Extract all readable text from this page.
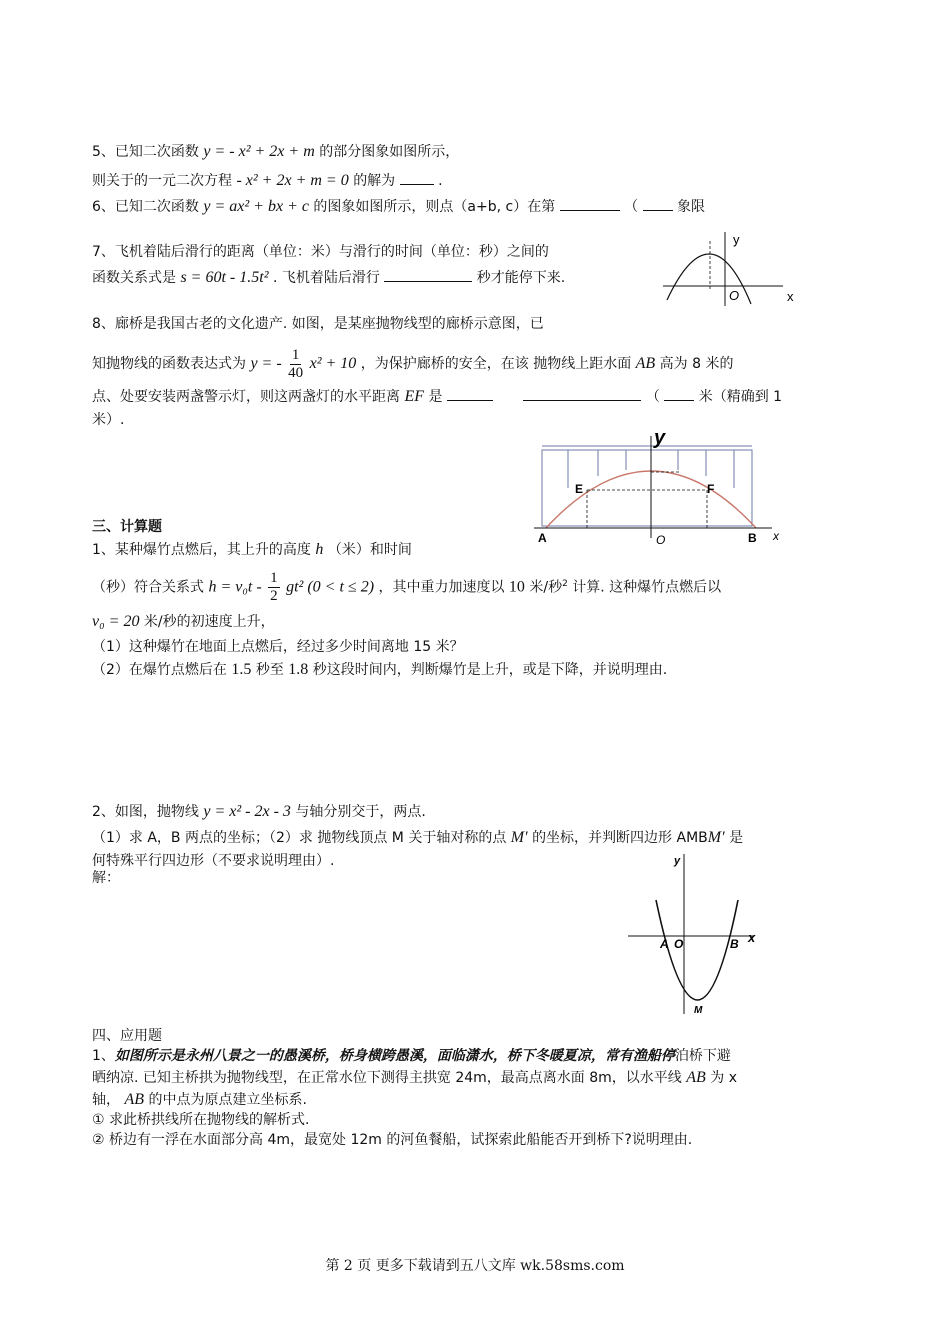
5、已知二次函数 y = - x² + 2x + m 的部分图象如图所示，
则关于的一元二次方程 - x² + 2x + m = 0 的解为	.
6、已知二次函数 y = ax² + bx + c 的图象如图所示，则点（a+b, c）在第	（	象限
7、飞机着陆后滑行的距离（单位：米）与滑行的时间（单位：秒）之间的
函数关系式是 s = 60t - 1.5t² . 飞机着陆后滑行	秒才能停下来.
y
x
O
8、廊桥是我国古老的文化遗产. 如图，是某座抛物线型的廊桥示意图，已
知抛物线的函数表达式为 y = - $\frac{1}{40} x^2 + 10$ ，为保护廊桥的安全，在该 抛物线上距水面 AB 高为 8 米的
点、处要安装两盏警示灯，则这两盏灯的水平距离 EF 是	（	米（精确到 1
米）.
y
x
E	F
A	O	B
三、计算题
1、某种爆竹点燃后，其上升的高度 h （米）和时间
（秒）符合关系式 $h = v_0t - \frac{1}{2} gt^2$ (0 < t ≤ 2) ，其中重力加速度以 10 米/秒$^2$ 计算. 这种爆竹点燃后以
v₀ = 20 米/秒的初速度上升，
（1）这种爆竹在地面上点燃后，经过多少时间离地 15 米？
（2）在爆竹点燃后在 1.5 秒至 1.8 秒这段时间内，判断爆竹是上升，或是下降，并说明理由.
2、如图，抛物线 y = x² - 2x - 3 与轴分别交于，两点.
（1）求 A，B 两点的坐标；（2）求 抛物线顶点 M 关于轴对称的点 M′ 的坐标，并判断四边形 AMBM′ 是
何特殊平行四边形（不要求说明理由）.
解：
y
x
A O	B
M
四、应用题
1、如图所示是永州八景之一的愚溪桥，桥身横跨愚溪，面临潇水，桥下冬暖夏凉，常有渔船停泊桥下避
晒纳凉. 已知主桥拱为抛物线型，在正常水位下测得主拱宽 24m，最高点离水面 8m，以水平线 AB 为 x
轴， AB 的中点为原点建立坐标系.
① 求此桥拱线所在抛物线的解析式.
② 桥边有一浮在水面部分高 4m，最宽处 12m 的河鱼餐船，试探索此船能否开到桥下?说明理由.
第 2 页 更多下载请到五八文库 wk.58sms.com
